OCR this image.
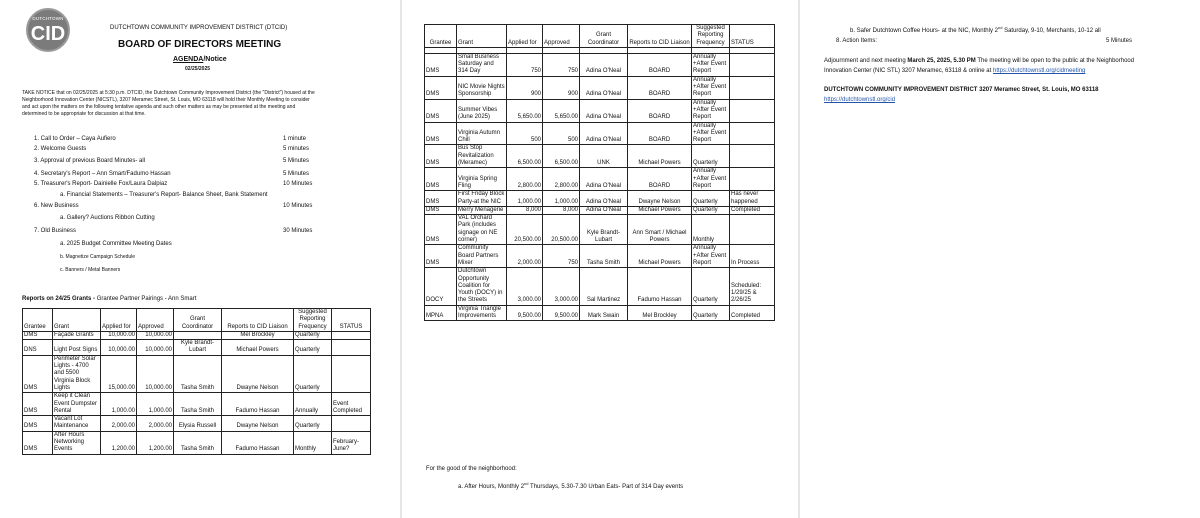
DUTCHTOWN
CID	DUTCHTOWN COMMUNITY IMPROVEMENT DISTRICT (DTCID)
BOARD OF DIRECTORS MEETING
AGENDA/Notice
02/25/2025
TAKE NOTICE that on 02/25/2025 at 5:30 p.m. DTCID, the Dutchtown Community Improvement District (the "District") housed at the
Neighborhood Innovation Center (NICSTL), 3207 Meramec Street, St. Louis, MO 63118 will hold their Monthly Meeting to consider
and act upon the matters on the following tentative agenda and such other matters as may be presented at the meeting and
determined to be appropriate for discussion at that time.
1. Call to Order – Caya Aufiero	1 minute
2. Welcome Guests	5 minutes
3. Approval of previous Board Minutes- all	5 Minutes
4. Secretary's Report – Ann Smart/Fadumo Hassan	5 Minutes
5. Treasurer's Report- Dainielle Fox/Laura Dalpiaz	10 Minutes
a. Financial Statements – Treasurer's Report- Balance Sheet, Bank Statement
6. New Business	10 Minutes
a. Gallery? Auctions Ribbon Cutting
7. Old Business	30 Minutes
a. 2025 Budget Committee Meeting Dates
b. Magnetize Campaign Schedule
c. Banners / Metal Banners
Reports on 24/25 Grants - Grantee Partner Pairings - Ann Smart
Grantee	Grant	Applied for	Approved	Grant Coordinator	Reports to CID Liaison	Suggested Reporting Frequency	STATUS
DMS	Façade Grants	10,000.00	10,000.00		Mel Brockley	Quarterly	
DNS	Light Post Signs	10,000.00	10,000.00	Kyle Brandt-Lubart	Michael Powers	Quarterly	
DMS	Perimeter Solar Lights - 4700 and 5500 Virginia Block Lights	15,000.00	10,000.00	Tasha Smith	Dwayne Nelson	Quarterly	
DMS	Keep it Clean Event Dumpster Rental	1,000.00	1,000.00	Tasha Smith	Fadumo Hassan	Annually	Event Completed
DMS	Vacant Lot Maintenance	2,000.00	2,000.00	Elysia Russell	Dwayne Nelson	Quarterly	
DMS	After Hours Networking Events	1,200.00	1,200.00	Tasha Smith	Fadumo Hassan	Monthly	February-June?
Grantee	Grant	Applied for	Approved	Grant Coordinator	Reports to CID Liaison	Suggested Reporting Frequency	STATUS

DMS	Small Business Saturday and 314 Day	750	750	Adina O'Neal	BOARD	Annually +After Event Report	
DMS	NIC Movie Nights Sponsorship	900	900	Adina O'Neal	BOARD	Annually +After Event Report	
DMS	Summer Vibes (June 2025)	5,650.00	5,650.00	Adina O'Neal	BOARD	Annually +After Event Report	
DMS	Virginia Autumn Chill	500	500	Adina O'Neal	BOARD	Annually +After Event Report	
DMS	Bus Stop Revitalization (Meramec)	6,500.00	6,500.00	UNK	Michael Powers	Quarterly	
DMS	Virginia Spring Fling	2,800.00	2,800.00	Adina O'Neal	BOARD	Annually +After Event Report	
DMS	First Friday Block Party-at the NIC	1,000.00	1,000.00	Adina O'Neal	Dwayne Nelson	Quarterly	Has never happened
DMS	Merry Menagerie	8,000	8,000	Adina O'Neal	Michael Powers	Quarterly	Completed
DMS	VAL Orchard Park (includes signage on NE corner)	20,500.00	20,500.00	Kyle Brandt-Lubart	Ann Smart / Michael Powers	Monthly	
DMS	Community Board Partners Mixer	2,000.00	750	Tasha Smith	Michael Powers	Annually +After Event Report	In Process
DOCY	Dutchtown Opportunity Coalition for Youth (DOCY) in the Streets	3,000.00	3,000.00	Sal Martinez	Fadumo Hassan	Quarterly	Scheduled: 1/29/25 & 2/26/25
MPNA	Virginia Triangle Improvements	9,500.00	9,500.00	Mark Swain	Mel Brockley	Quarterly	Completed
For the good of the neighborhood:
a. After Hours, Monthly 2nd Thursdays, 5.30-7.30 Urban Eats- Part of 314 Day events
b. Safer Dutchtown Coffee Hours- at the NIC, Monthly 2nd Saturday, 9-10, Merchants, 10-12 all
8. Action Items:	5 Minutes
Adjournment and next meeting March 25, 2025, 5.30 PM The meeting will be open to the public at the Neighborhood
Innovation Center (NIC STL) 3207 Meramec, 63118 & online at https://dutchtownstl.org/cidmeeting
DUTCHTOWN COMMUNITY IMPROVEMENT DISTRICT 3207 Meramec Street, St. Louis, MO 63118
https://dutchtownstl.org/cid
